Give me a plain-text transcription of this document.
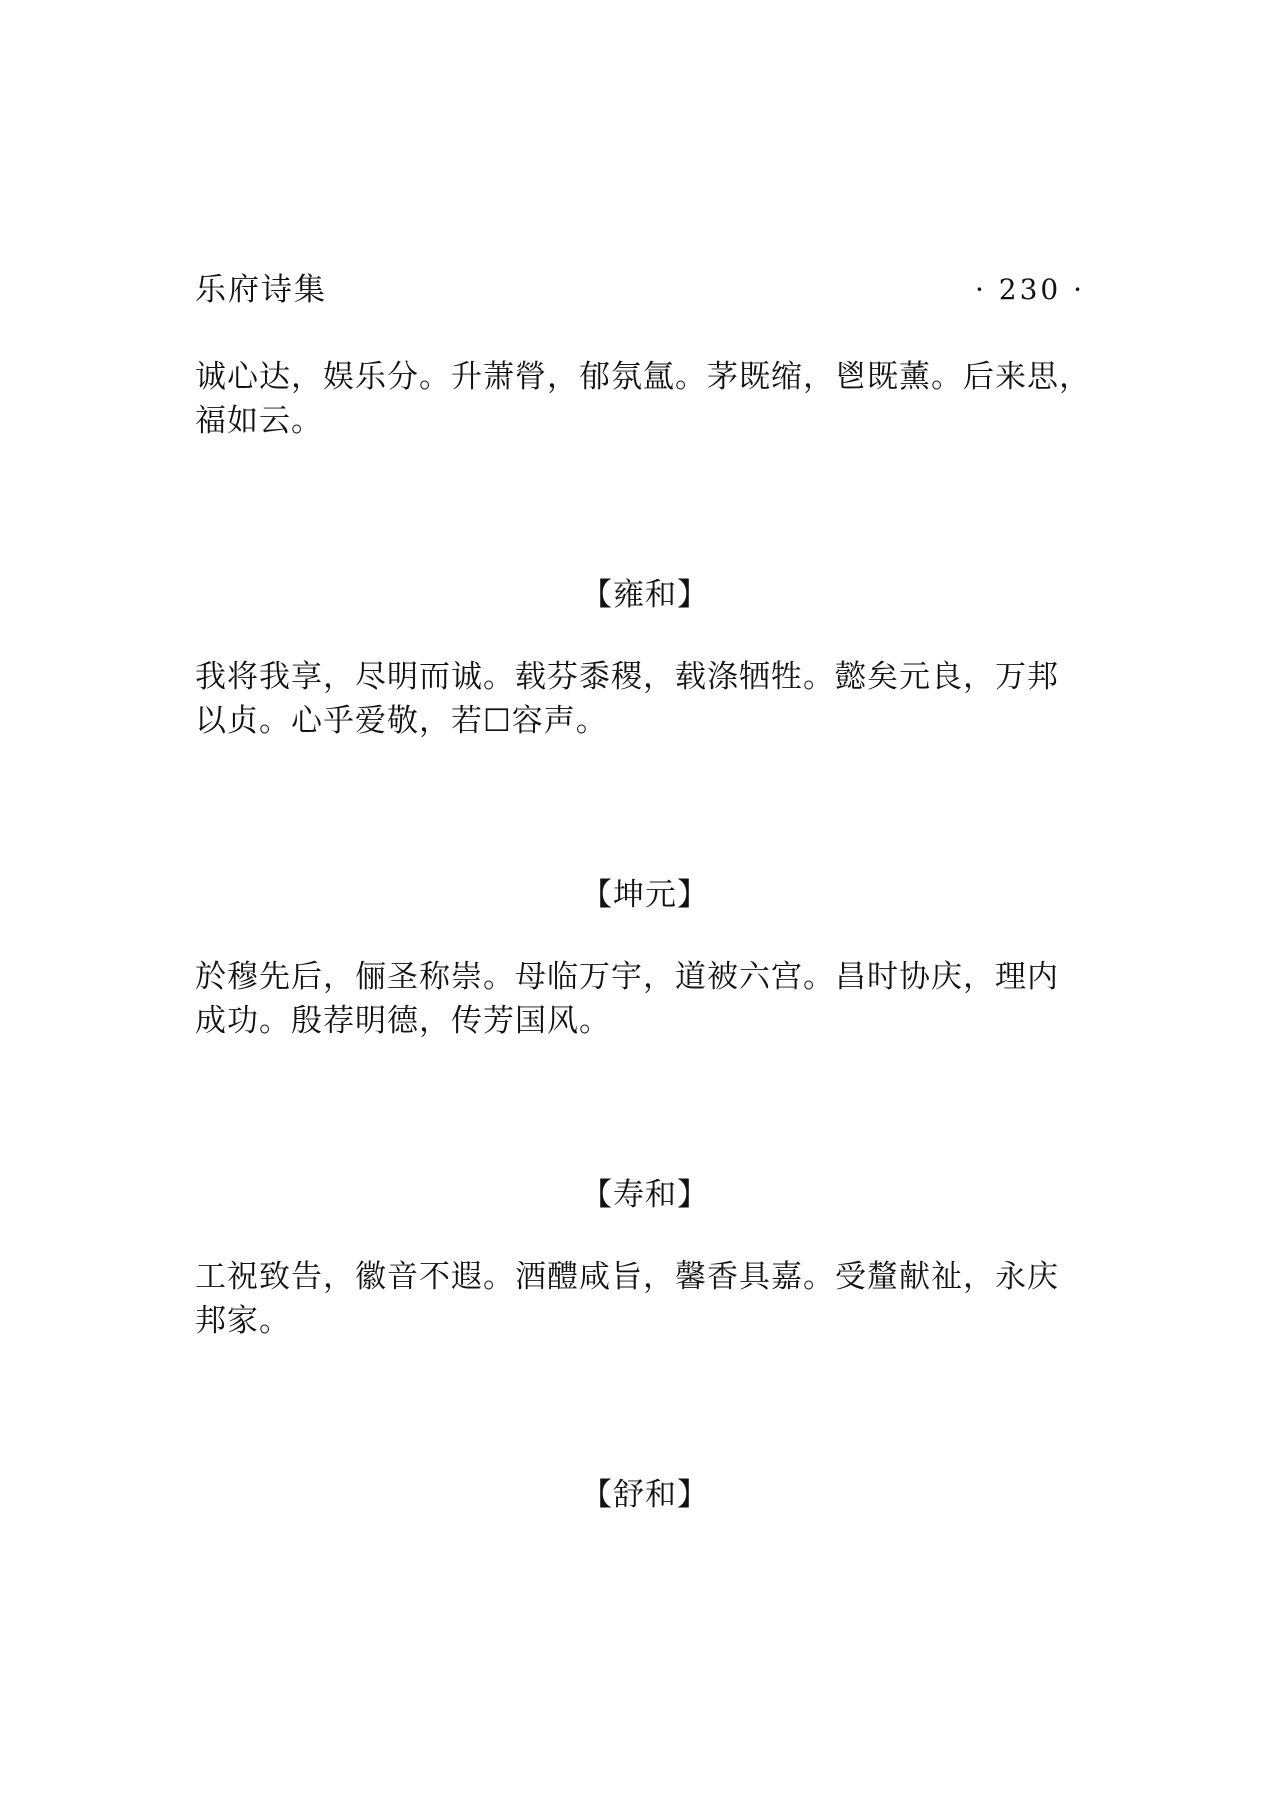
乐府诗集	· 230 ·
诚心达，娱乐分。升萧膋，郁氛氲。茅既缩，鬯既薰。后来思，
福如云。
【雍和】
我将我享，尽明而诚。载芬黍稷，载涤牺牲。懿矣元良，万邦
以贞。心乎爱敬，若☐容声。
【坤元】
於穆先后，俪圣称崇。母临万宇，道被六宫。昌时协庆，理内
成功。殷荐明德，传芳国风。
【寿和】
工祝致告，徽音不遐。酒醴咸旨，馨香具嘉。受釐献祉，永庆
邦家。
【舒和】
